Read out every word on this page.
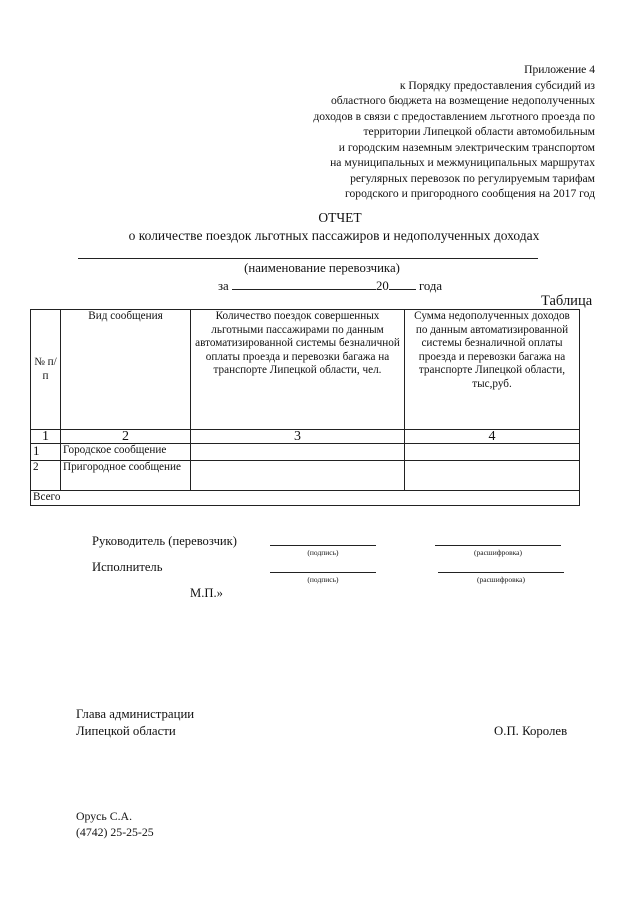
Приложение 4
к Порядку предоставления субсидий из
областного бюджета на возмещение недополученных
доходов в связи с предоставлением льготного проезда по
территории Липецкой области автомобильным
и городским наземным электрическим транспортом
на муниципальных и межмуниципальных маршрутах
регулярных перевозок по регулируемым тарифам
городского и пригородного сообщения на 2017 год
ОТЧЕТ
о количестве поездок льготных пассажиров и недополученных доходах
(наименование перевозчика)
за	20 года
Таблица
№ п/п	Вид сообщения	Количество поездок совершенных льготными пассажирами по данным автоматизированной системы безналичной оплаты проезда и перевозки багажа на транспорте Липецкой области, чел.	Сумма недополученных доходов по данным автоматизированной системы безналичной оплаты проезда и перевозки багажа на транспорте Липецкой области, тыс,руб.
1	2	3	4
1	Городское сообщение		
2	Пригородное сообщение		
Всего			
Руководитель (перевозчик)
(подпись)	(расшифровка)
Исполнитель
(подпись)	(расшифровка)
М.П.»
Глава администрации
Липецкой области	О.П. Королев
Орусь С.А.
(4742) 25-25-25
